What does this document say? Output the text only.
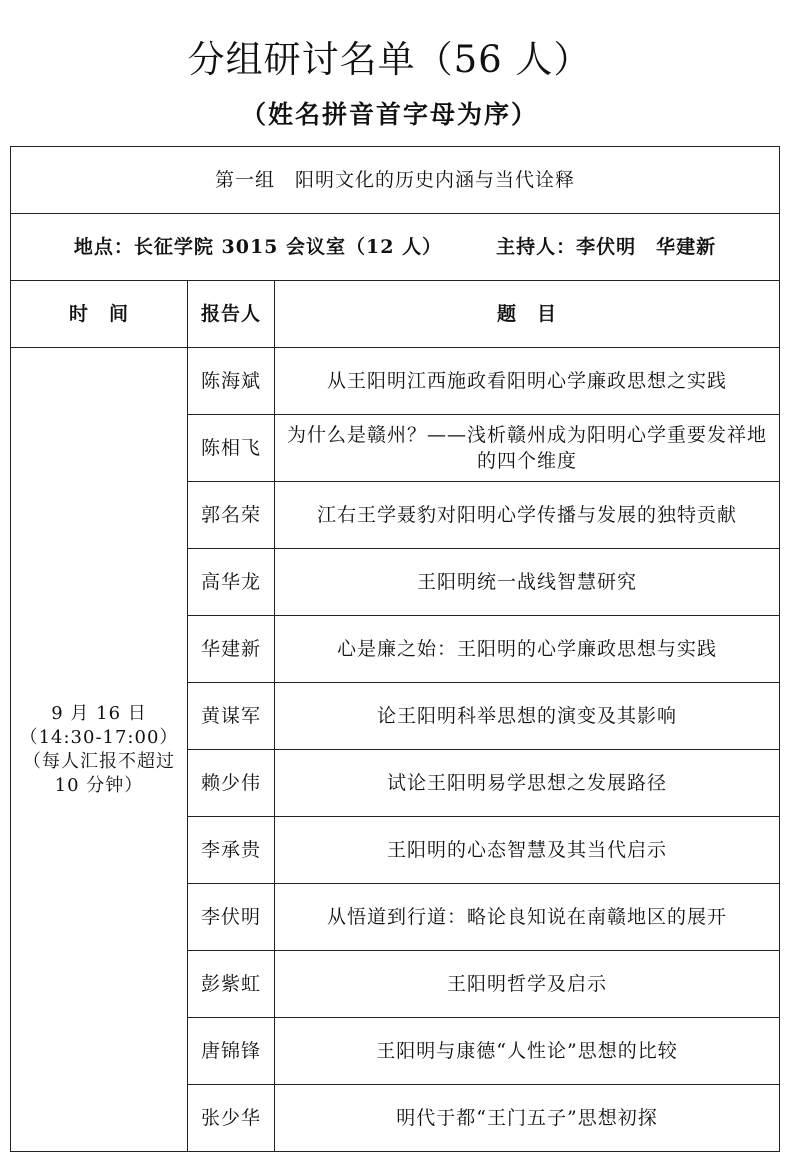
分组研讨名单（56 人）
（姓名拼音首字母为序）
第一组　阳明文化的历史内涵与当代诠释		
地点：长征学院 3015 会议室（12 人） 主持人：李伏明　华建新		
时　间	报告人	题　目

9 月 16 日
（14:30-17:00）
（每人汇报不超过
10 分钟）	陈海斌	从王阳明江西施政看阳明心学廉政思想之实践
	陈相飞	为什么是赣州？——浅析赣州成为阳明心学重要发祥地的四个维度
	郭名荣	江右王学聂豹对阳明心学传播与发展的独特贡献
	高华龙	王阳明统一战线智慧研究
	华建新	心是廉之始：王阳明的心学廉政思想与实践
	黄谋军	论王阳明科举思想的演变及其影响
	赖少伟	试论王阳明易学思想之发展路径
	李承贵	王阳明的心态智慧及其当代启示
	李伏明	从悟道到行道：略论良知说在南赣地区的展开
	彭紫虹	王阳明哲学及启示
	唐锦锋	王阳明与康德“人性论”思想的比较
	张少华	明代于都“王门五子”思想初探
